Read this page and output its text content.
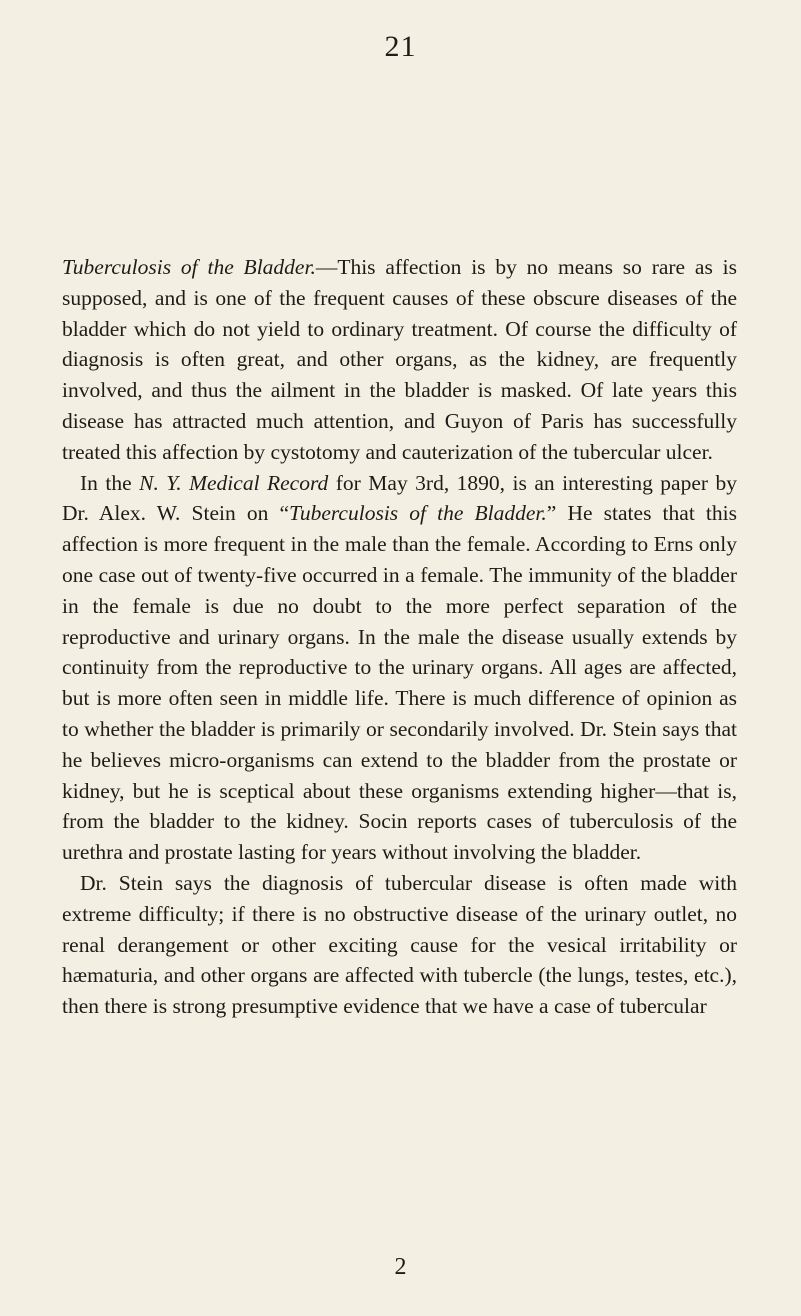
21

Tuberculosis of the Bladder.—This affection is by no means so rare as is supposed, and is one of the frequent causes of these obscure diseases of the bladder which do not yield to ordinary treatment. Of course the difficulty of diagnosis is often great, and other organs, as the kidney, are frequently involved, and thus the ailment in the bladder is masked. Of late years this disease has attracted much attention, and Guyon of Paris has successfully treated this affection by cystotomy and cauterization of the tubercular ulcer.

In the N. Y. Medical Record for May 3rd, 1890, is an interesting paper by Dr. Alex. W. Stein on “Tuberculosis of the Bladder.” He states that this affection is more frequent in the male than the female. According to Erns only one case out of twenty-five occurred in a female. The immunity of the bladder in the female is due no doubt to the more perfect separation of the reproductive and urinary organs. In the male the disease usually extends by continuity from the reproductive to the urinary organs. All ages are affected, but is more often seen in middle life. There is much difference of opinion as to whether the bladder is primarily or secondarily involved. Dr. Stein says that he believes micro-organisms can extend to the bladder from the prostate or kidney, but he is sceptical about these organisms extending higher—that is, from the bladder to the kidney. Socin reports cases of tuberculosis of the urethra and prostate lasting for years without involving the bladder.

Dr. Stein says the diagnosis of tubercular disease is often made with extreme difficulty; if there is no obstructive disease of the urinary outlet, no renal derangement or other exciting cause for the vesical irritability or hæmaturia, and other organs are affected with tubercle (the lungs, testes, etc.), then there is strong presumptive evidence that we have a case of tubercular

2
